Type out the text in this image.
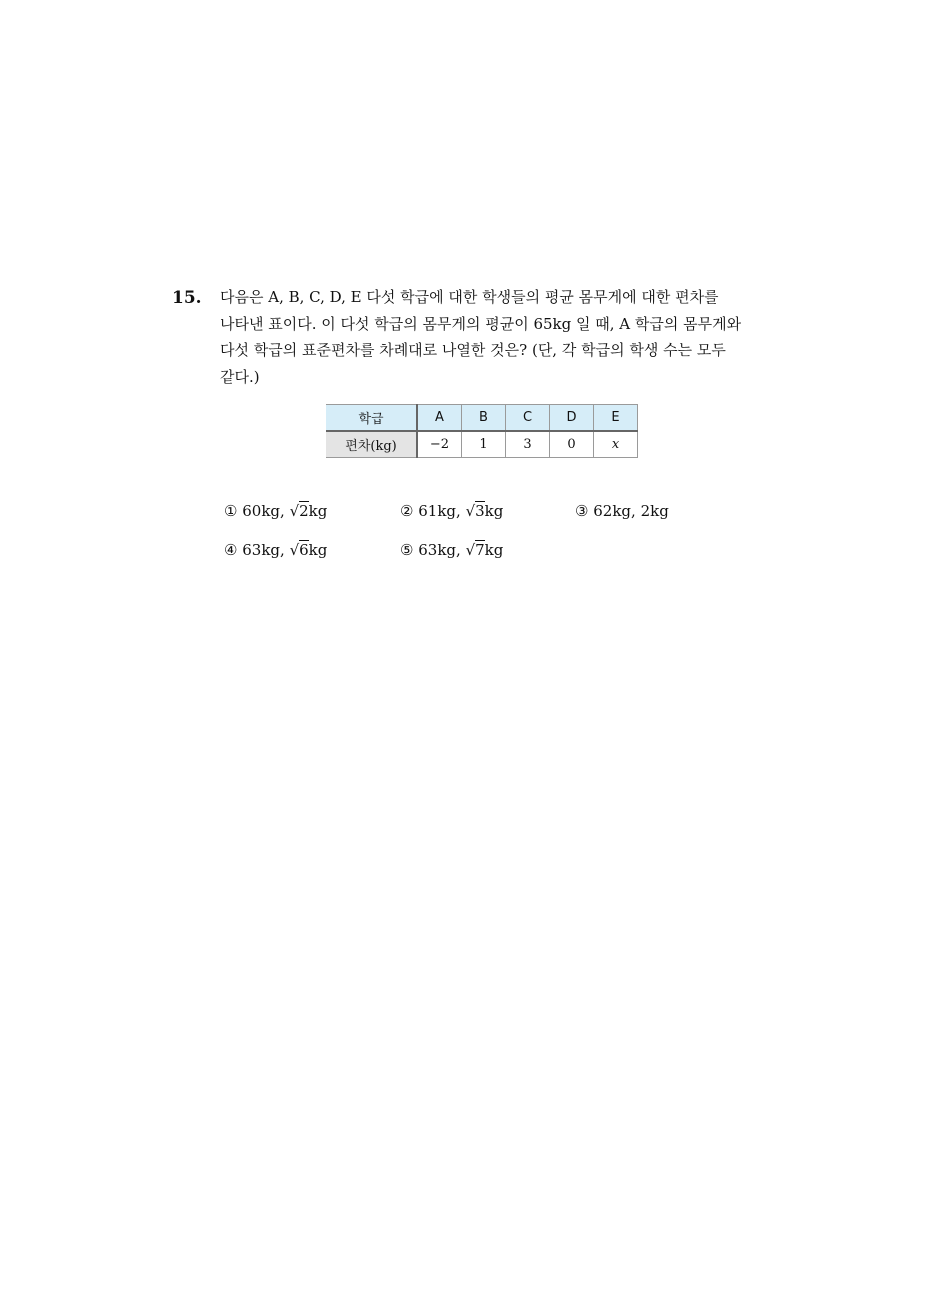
15. 다음은 A, B, C, D, E 다섯 학급에 대한 학생들의 평균 몸무게에 대한 편차를
나타낸 표이다. 이 다섯 학급의 몸무게의 평균이 65kg 일 때, A 학급의 몸무게와
다섯 학급의 표준편차를 차례대로 나열한 것은? (단, 각 학급의 학생 수는 모두
같다.)
학급	A	B	C	D	E
편차(kg)	−2	1	3	0	x
① 60kg, √2kg	② 61kg, √3kg	③ 62kg, 2kg
④ 63kg, √6kg	⑤ 63kg, √7kg
